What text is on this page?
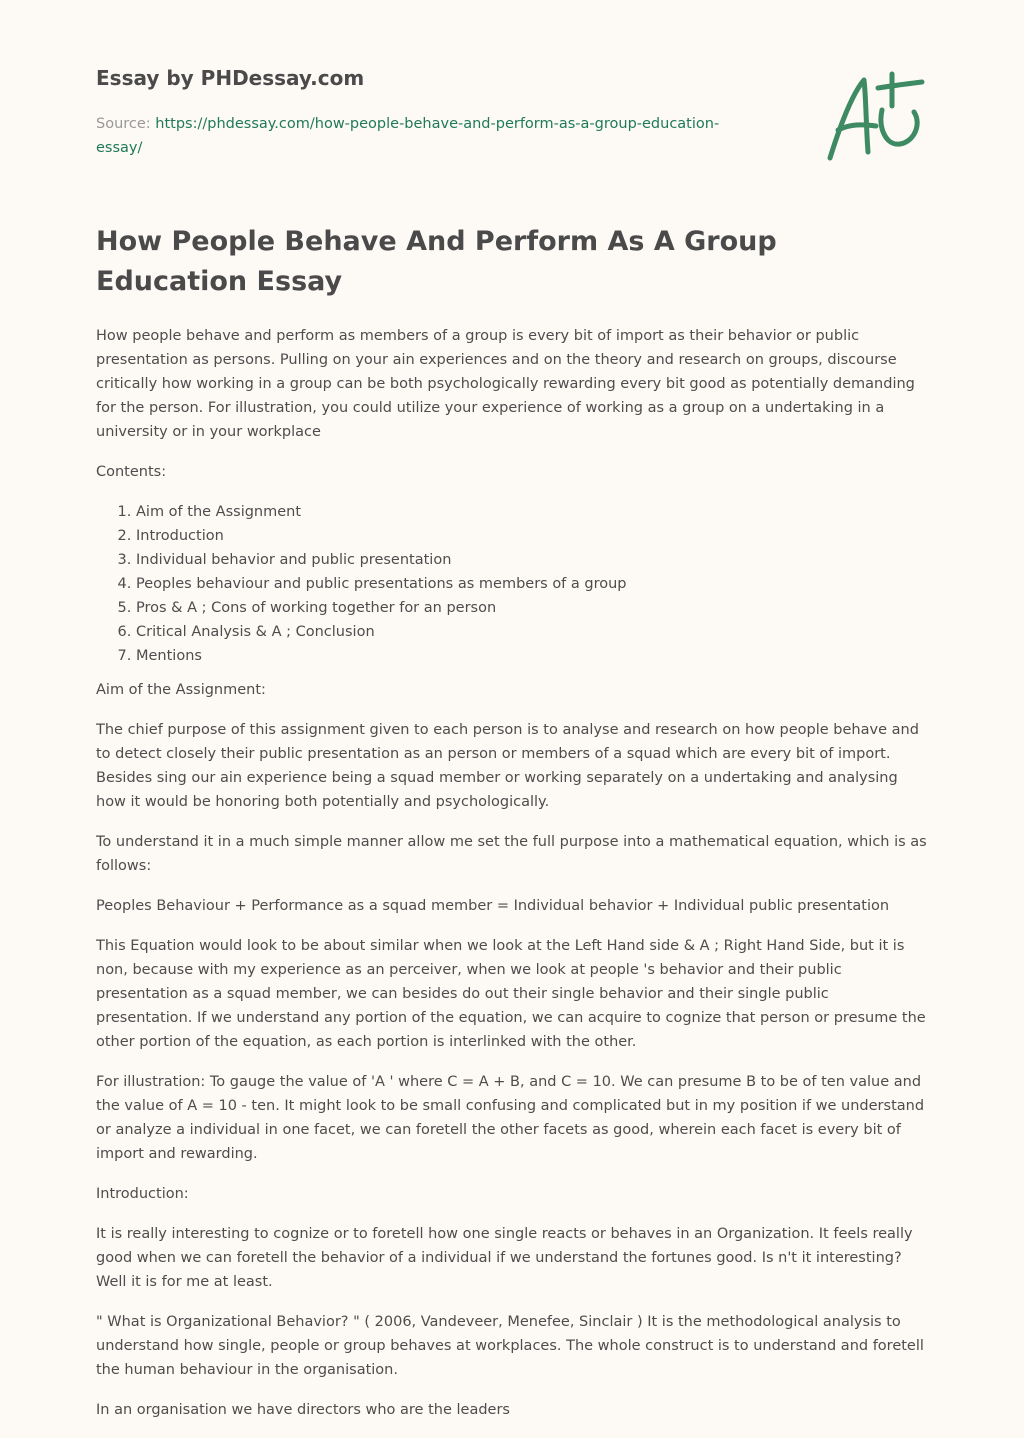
Essay by PHDessay.com

Source: https://phdessay.com/how-people-behave-and-perform-as-a-group-education-
essay/
How People Behave And Perform As A Group Education Essay

How people behave and perform as members of a group is every bit of import as their behavior or public presentation as persons. Pulling on your ain experiences and on the theory and research on groups, discourse critically how working in a group can be both psychologically rewarding every bit good as potentially demanding for the person. For illustration, you could utilize your experience of working as a group on a undertaking in a university or in your workplace

Contents:

1. Aim of the Assignment
2. Introduction
3. Individual behavior and public presentation
4. Peoples behaviour and public presentations as members of a group
5. Pros & A ; Cons of working together for an person
6. Critical Analysis & A ; Conclusion
7. Mentions

Aim of the Assignment:

The chief purpose of this assignment given to each person is to analyse and research on how people behave and to detect closely their public presentation as an person or members of a squad which are every bit of import. Besides sing our ain experience being a squad member or working separately on a undertaking and analysing how it would be honoring both potentially and psychologically.

To understand it in a much simple manner allow me set the full purpose into a mathematical equation, which is as follows:

Peoples Behaviour + Performance as a squad member = Individual behavior + Individual public presentation

This Equation would look to be about similar when we look at the Left Hand side & A ; Right Hand Side, but it is non, because with my experience as an perceiver, when we look at people 's behavior and their public presentation as a squad member, we can besides do out their single behavior and their single public presentation. If we understand any portion of the equation, we can acquire to cognize that person or presume the other portion of the equation, as each portion is interlinked with the other.

For illustration: To gauge the value of 'A ' where C = A + B, and C = 10. We can presume B to be of ten value and the value of A = 10 - ten. It might look to be small confusing and complicated but in my position if we understand or analyze a individual in one facet, we can foretell the other facets as good, wherein each facet is every bit of import and rewarding.

Introduction:

It is really interesting to cognize or to foretell how one single reacts or behaves in an Organization. It feels really good when we can foretell the behavior of a individual if we understand the fortunes good. Is n't it interesting? Well it is for me at least.

" What is Organizational Behavior? " ( 2006, Vandeveer, Menefee, Sinclair ) It is the methodological analysis to understand how single, people or group behaves at workplaces. The whole construct is to understand and foretell the human behaviour in the organisation.

In an organisation we have directors who are the leaders
